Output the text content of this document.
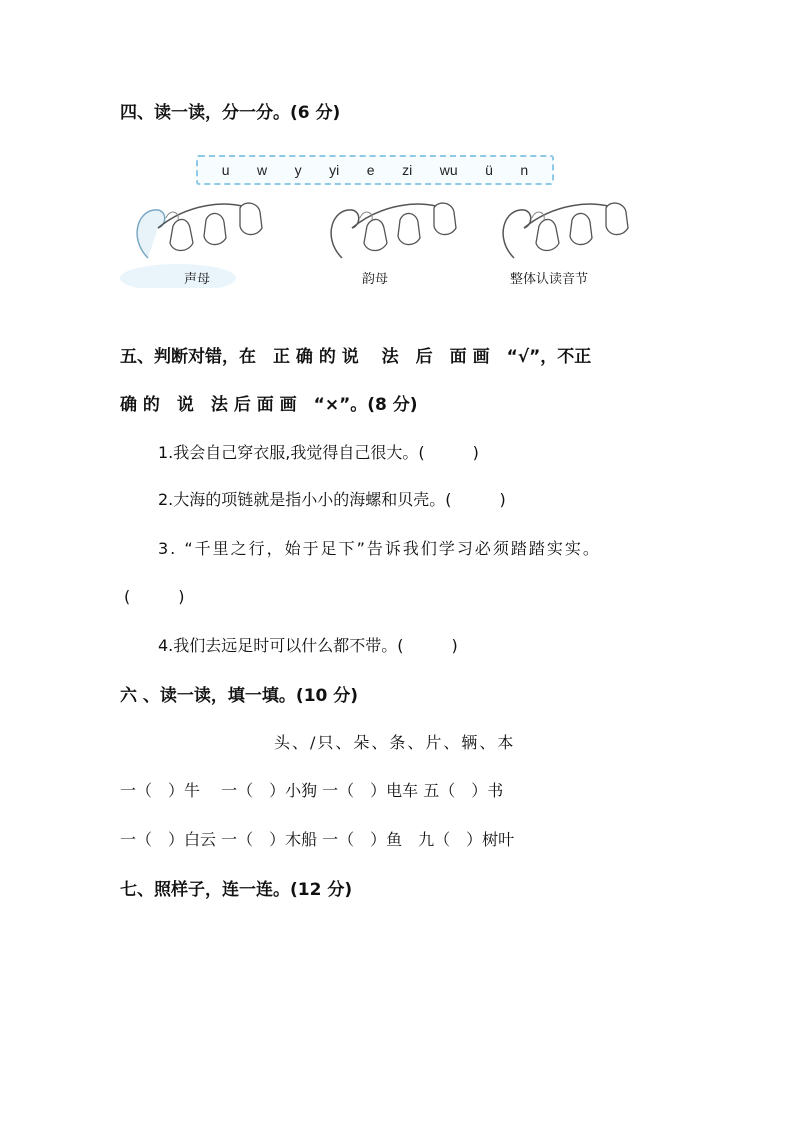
四、读一读，分一分。(6 分)
u w y yi e zi wu ü n
声母	韵母	整体认读音节
五、判断对错，在　正 确 的 说　 法　后　面 画　“√”，不正
确 的　说　法 后 面 画　“×”。(8 分)
1.我会自己穿衣服,我觉得自己很大。(　　　)
2.大海的项链就是指小小的海螺和贝壳。(　　　)
3. “千里之行，始于足下”告诉我们学习必须踏踏实实。
(　　　)
4.我们去远足时可以什么都不带。(　　　)
六 、读一读，填一填。(10 分)
头、/只、朵、条、片、辆、本
一（　）牛　 一（　）小狗 一（　）电车 五（　）书
一（　）白云 一（　）木船 一（　）鱼　九（　）树叶
七、照样子，连一连。(12 分)
